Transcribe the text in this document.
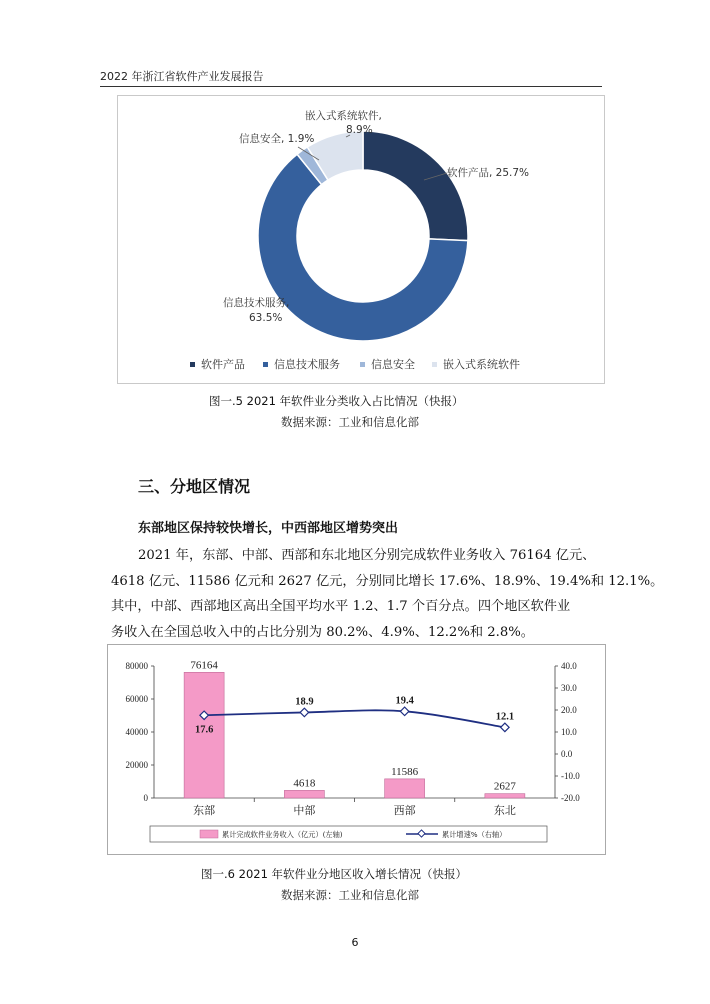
2022 年浙江省软件产业发展报告
软件产品, 25.7%
信息技术服务,
63.5%
信息安全, 1.9%
嵌入式系统软件,
8.9%
软件产品	信息技术服务	信息安全	嵌入式系统软件
图一.5 2021 年软件业分类收入占比情况（快报）
数据来源：工业和信息化部
三、分地区情况
东部地区保持较快增长，中西部地区增势突出
2021 年，东部、中部、西部和东北地区分别完成软件业务收入 76164 亿元、
4618 亿元、11586 亿元和 2627 亿元，分别同比增长 17.6%、18.9%、19.4%和 12.1%。
其中，中部、西部地区高出全国平均水平 1.2、1.7 个百分点。四个地区软件业
务收入在全国总收入中的占比分别为 80.2%、4.9%、12.2%和 2.8%。
0
20000
40000
60000
80000
-20.0
-10.0
0.0
10.0
20.0
30.0
40.0
76164
4618
11586
2627
17.6
18.9	19.4
12.1
东部	中部	西部	东北
累计完成软件业务收入（亿元）(左轴)	累计增速%（右轴）
图一.6 2021 年软件业分地区收入增长情况（快报）
数据来源：工业和信息化部
6
